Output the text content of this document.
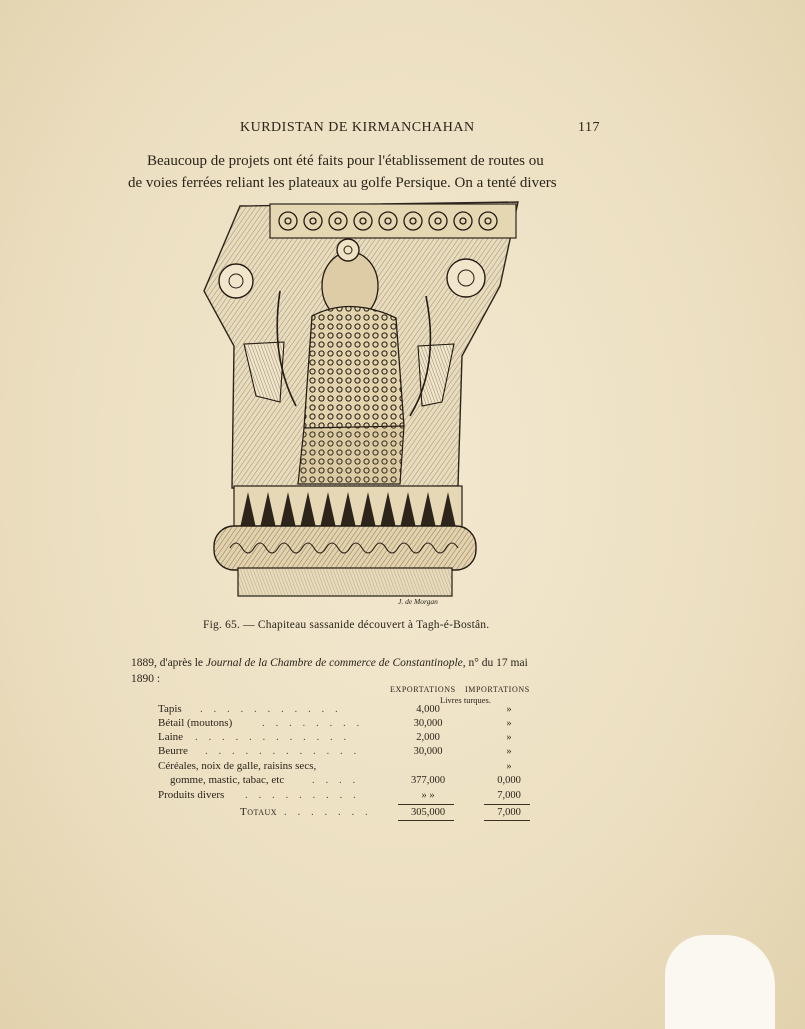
KURDISTAN DE KIRMANCHAHAN	117
Beaucoup de projets ont été faits pour l'établissement de routes ou
de voies ferrées reliant les plateaux au golfe Persique. On a tenté divers
J. de Morgan
Fig. 65. — Chapiteau sassanide découvert à Tagh-é-Bostân.
1889, d'après le Journal de la Chambre de commerce de Constantinople, n° du 17 mai
1890 :
EXPORTATIONS IMPORTATIONS
Livres turques.
Tapis . . . . . . . . . . .	4,000	»
Bétail (moutons)	. . . . . . . .	30,000	»
Laine . . . . . . . . . . . .	2,000	»
Beurre . . . . . . . . . . . .	30,000	»
Céréales, noix de galle, raisins secs,	»
gomme, mastic, tabac, etc	. . . .	377,000	0,000
Produits divers . . . . . . . . .	» »	7,000
Totaux . . . . . . .	305,000	7,000
